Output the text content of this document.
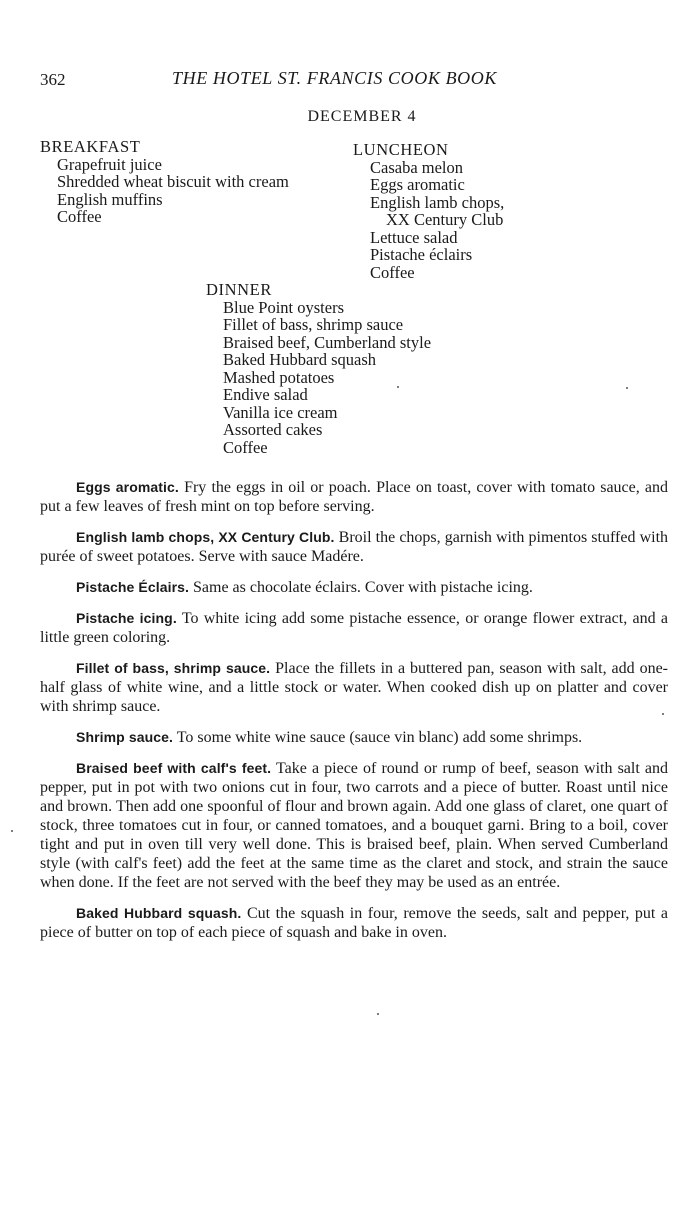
362	THE HOTEL ST. FRANCIS COOK BOOK
DECEMBER 4
BREAKFAST
Grapefruit juice
Shredded wheat biscuit with cream
English muffins
Coffee
LUNCHEON
Casaba melon
Eggs aromatic
English lamb chops,
XX Century Club
Lettuce salad
Pistache éclairs
Coffee
DINNER
Blue Point oysters
Fillet of bass, shrimp sauce
Braised beef, Cumberland style
Baked Hubbard squash
Mashed potatoes
Endive salad
Vanilla ice cream
Assorted cakes
Coffee

Eggs aromatic. Fry the eggs in oil or poach. Place on toast, cover with tomato sauce, and put a few leaves of fresh mint on top before serving.

English lamb chops, XX Century Club. Broil the chops, garnish with pimentos stuffed with purée of sweet potatoes. Serve with sauce Madére.

Pistache Éclairs. Same as chocolate éclairs. Cover with pistache icing.

Pistache icing. To white icing add some pistache essence, or orange flower extract, and a little green coloring.

Fillet of bass, shrimp sauce. Place the fillets in a buttered pan, season with salt, add one-half glass of white wine, and a little stock or water. When cooked dish up on platter and cover with shrimp sauce.

Shrimp sauce. To some white wine sauce (sauce vin blanc) add some shrimps.

Braised beef with calf's feet. Take a piece of round or rump of beef, season with salt and pepper, put in pot with two onions cut in four, two carrots and a piece of butter. Roast until nice and brown. Then add one spoonful of flour and brown again. Add one glass of claret, one quart of stock, three tomatoes cut in four, or canned tomatoes, and a bouquet garni. Bring to a boil, cover tight and put in oven till very well done. This is braised beef, plain. When served Cumberland style (with calf's feet) add the feet at the same time as the claret and stock, and strain the sauce when done. If the feet are not served with the beef they may be used as an entrée.

Baked Hubbard squash. Cut the squash in four, remove the seeds, salt and pepper, put a piece of butter on top of each piece of squash and bake in oven.
